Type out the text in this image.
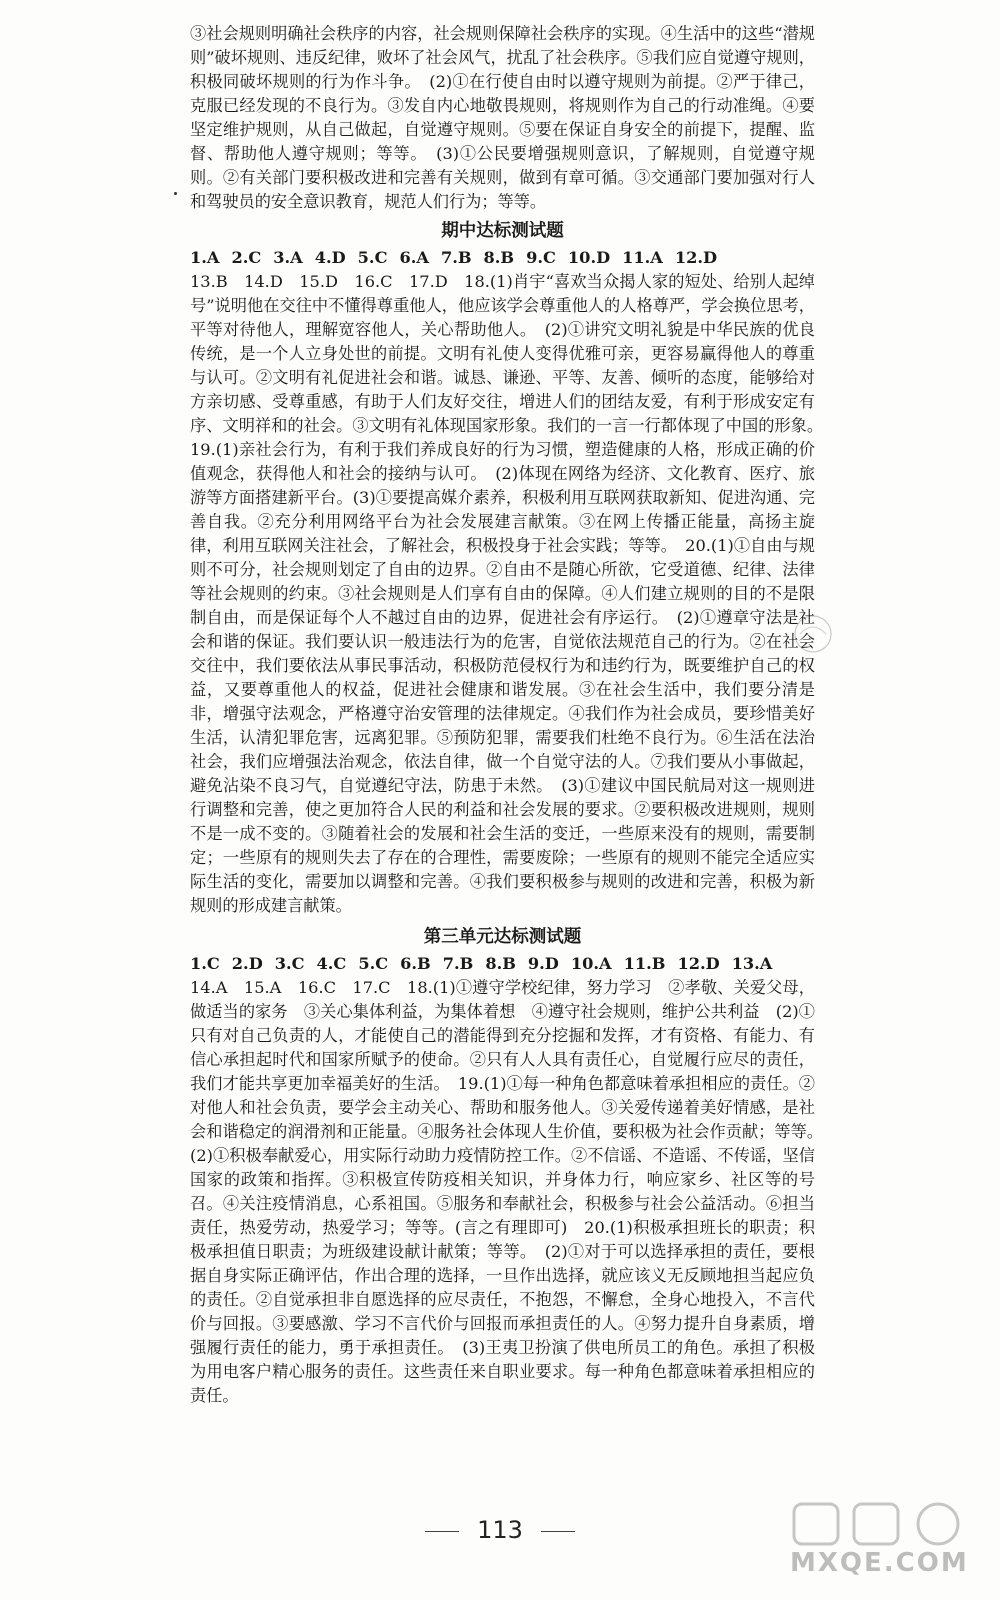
③社会规则明确社会秩序的内容，社会规则保障社会秩序的实现。④生活中的这些“潜规则”破坏规则、违反纪律，败坏了社会风气，扰乱了社会秩序。⑤我们应自觉遵守规则，积极同破坏规则的行为作斗争。　(2)①在行使自由时以遵守规则为前提。②严于律己，克服已经发现的不良行为。③发自内心地敬畏规则，将规则作为自己的行动准绳。④要坚定维护规则，从自己做起，自觉遵守规则。⑤要在保证自身安全的前提下，提醒、监督、帮助他人遵守规则；等等。　(3)①公民要增强规则意识，了解规则，自觉遵守规则。②有关部门要积极改进和完善有关规则，做到有章可循。③交通部门要加强对行人和驾驶员的安全意识教育，规范人们行为；等等。

期中达标测试题

1.A 2.C 3.A 4.D 5.C 6.A 7.B 8.B 9.C 10.D 11.A 12.D

13.B　14.D　15.D　16.C　17.D　18.(1)肖宇“喜欢当众揭人家的短处、给别人起绰号”说明他在交往中不懂得尊重他人，他应该学会尊重他人的人格尊严，学会换位思考，平等对待他人，理解宽容他人，关心帮助他人。　(2)①讲究文明礼貌是中华民族的优良传统，是一个人立身处世的前提。文明有礼使人变得优雅可亲，更容易赢得他人的尊重与认可。②文明有礼促进社会和谐。诚恳、谦逊、平等、友善、倾听的态度，能够给对方亲切感、受尊重感，有助于人们友好交往，增进人们的团结友爱，有利于形成安定有序、文明祥和的社会。③文明有礼体现国家形象。我们的一言一行都体现了中国的形象。　19.(1)亲社会行为，有利于我们养成良好的行为习惯，塑造健康的人格，形成正确的价值观念，获得他人和社会的接纳与认可。　(2)体现在网络为经济、文化教育、医疗、旅游等方面搭建新平台。(3)①要提高媒介素养，积极利用互联网获取新知、促进沟通、完善自我。②充分利用网络平台为社会发展建言献策。③在网上传播正能量，高扬主旋律，利用互联网关注社会，了解社会，积极投身于社会实践；等等。　20.(1)①自由与规则不可分，社会规则划定了自由的边界。②自由不是随心所欲，它受道德、纪律、法律等社会规则的约束。③社会规则是人们享有自由的保障。④人们建立规则的目的不是限制自由，而是保证每个人不越过自由的边界，促进社会有序运行。　(2)①遵章守法是社会和谐的保证。我们要认识一般违法行为的危害，自觉依法规范自己的行为。②在社会交往中，我们要依法从事民事活动，积极防范侵权行为和违约行为，既要维护自己的权益，又要尊重他人的权益，促进社会健康和谐发展。③在社会生活中，我们要分清是非，增强守法观念，严格遵守治安管理的法律规定。④我们作为社会成员，要珍惜美好生活，认清犯罪危害，远离犯罪。⑤预防犯罪，需要我们杜绝不良行为。⑥生活在法治社会，我们应增强法治观念，依法自律，做一个自觉守法的人。⑦我们要从小事做起，避免沾染不良习气，自觉遵纪守法，防患于未然。　(3)①建议中国民航局对这一规则进行调整和完善，使之更加符合人民的利益和社会发展的要求。②要积极改进规则，规则不是一成不变的。③随着社会的发展和社会生活的变迁，一些原来没有的规则，需要制定；一些原有的规则失去了存在的合理性，需要废除；一些原有的规则不能完全适应实际生活的变化，需要加以调整和完善。④我们要积极参与规则的改进和完善，积极为新规则的形成建言献策。

第三单元达标测试题

1.C 2.D 3.C 4.C 5.C 6.B 7.B 8.B 9.D 10.A 11.B 12.D 13.A

14.A　15.A　16.C　17.C　18.(1)①遵守学校纪律，努力学习　②孝敬、关爱父母，做适当的家务　③关心集体利益，为集体着想　④遵守社会规则，维护公共利益　(2)①只有对自己负责的人，才能使自己的潜能得到充分挖掘和发挥，才有资格、有能力、有信心承担起时代和国家所赋予的使命。②只有人人具有责任心，自觉履行应尽的责任，我们才能共享更加幸福美好的生活。　19.(1)①每一种角色都意味着承担相应的责任。②对他人和社会负责，要学会主动关心、帮助和服务他人。③关爱传递着美好情感，是社会和谐稳定的润滑剂和正能量。④服务社会体现人生价值，要积极为社会作贡献；等等。　(2)①积极奉献爱心，用实际行动助力疫情防控工作。②不信谣、不造谣、不传谣，坚信国家的政策和指挥。③积极宣传防疫相关知识，并身体力行，响应家乡、社区等的号召。④关注疫情消息，心系祖国。⑤服务和奉献社会，积极参与社会公益活动。⑥担当责任，热爱劳动，热爱学习；等等。(言之有理即可)　20.(1)积极承担班长的职责；积极承担值日职责；为班级建设献计献策；等等。　(2)①对于可以选择承担的责任，要根据自身实际正确评估，作出合理的选择，一旦作出选择，就应该义无反顾地担当起应负的责任。②自觉承担非自愿选择的应尽责任，不抱怨，不懈怠，全身心地投入，不言代价与回报。③要感激、学习不言代价与回报而承担责任的人。④努力提升自身素质，增强履行责任的能力，勇于承担责任。　(3)王夷卫扮演了供电所员工的角色。承担了积极为用电客户精心服务的责任。这些责任来自职业要求。每一种角色都意味着承担相应的责任。

113
MXQE.COM
